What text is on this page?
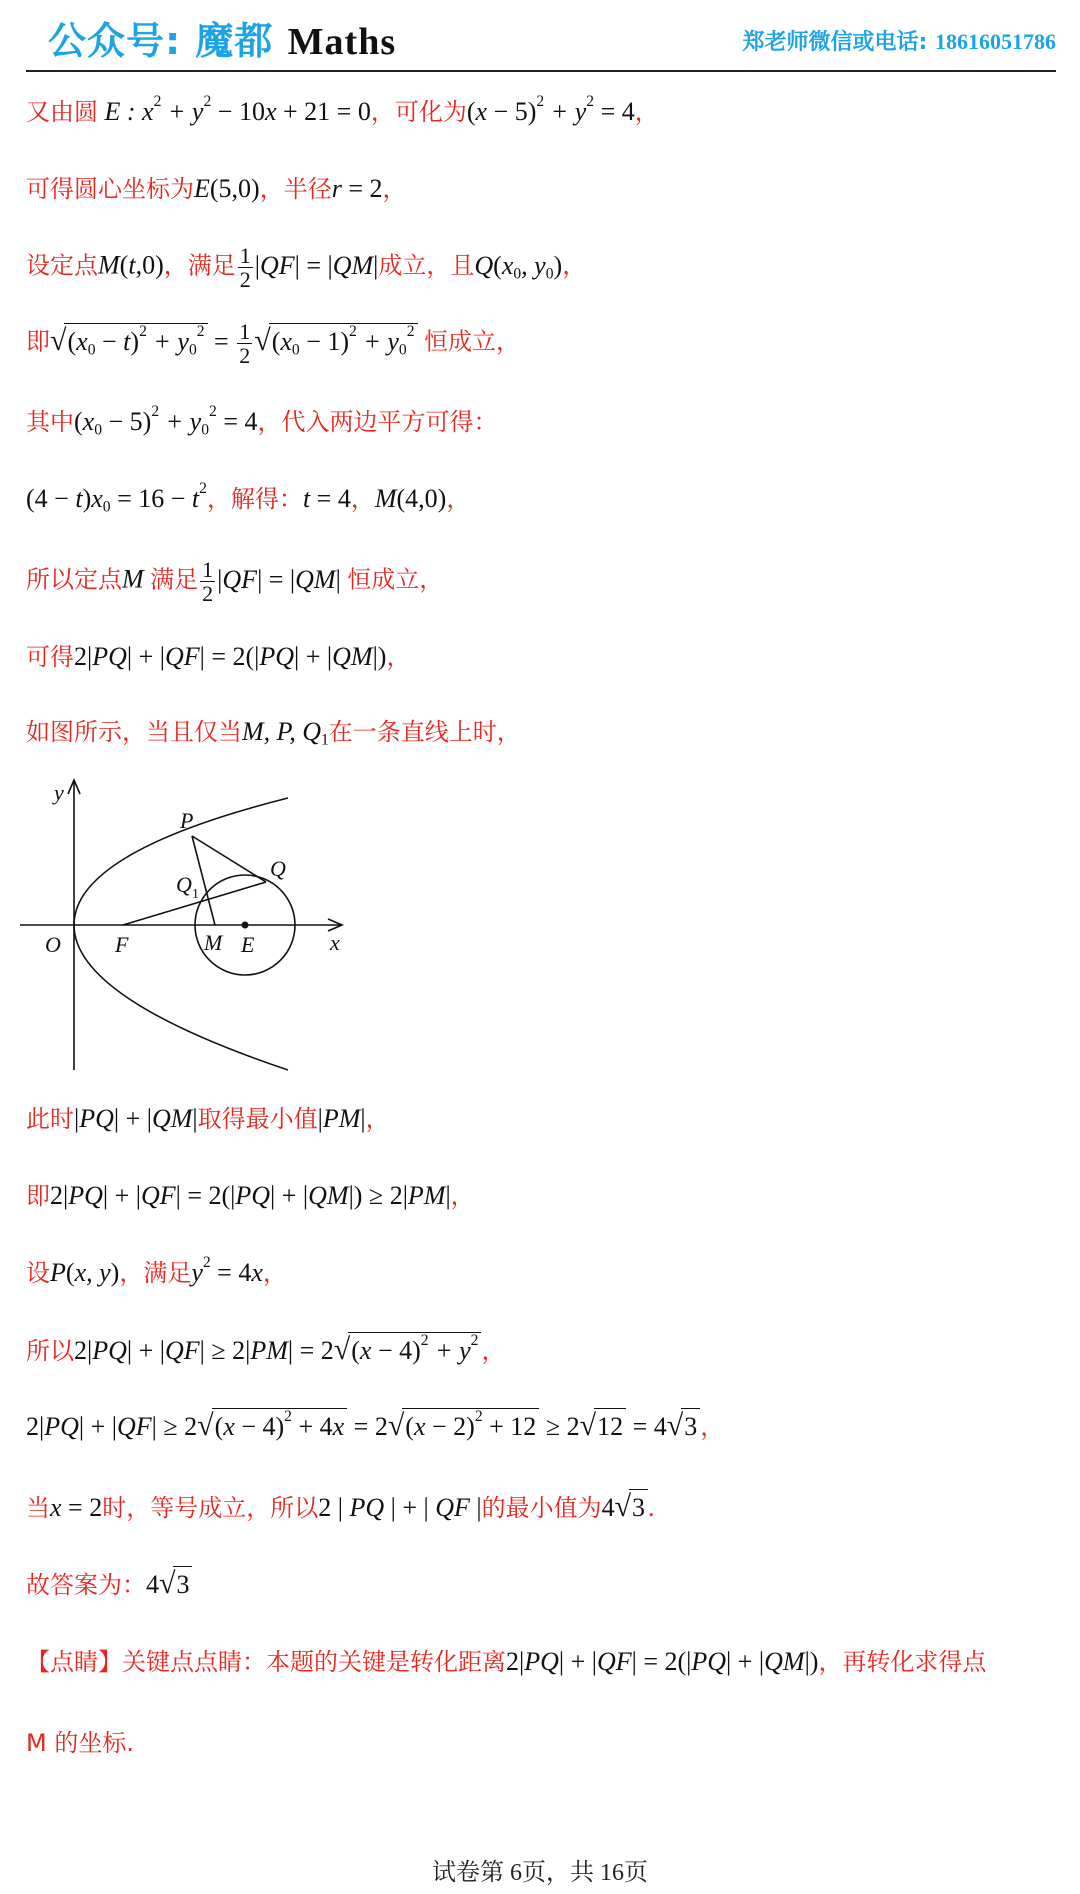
公众号: 魔都 Maths	郑老师微信或电话: 18616051786
又由圆 E : $x^2 + y^2 - 10x + 21 = 0$，可化为$(x - 5)^2 + y^2 = 4$，
可得圆心坐标为E(5,0)，半径r = 2，
设定点M(t,0)，满足 $\frac{1}{2} |QF| = |QM|$成立，且$Q(x_0$, $y_0$)，
即$√(x_0 - t)^2 + y_0^2 = \frac{1}{2} √(x_0 - 1)^2 + y_0^2$ 恒成立，
其中$(x_0 - 5)^2 + y_0^2 = 4$，代入两边平方可得：
$(4 - t)x_0 = 16 - t^2$，解得：t = 4，M(4,0)，
所以定点M 满足 $\frac{1}{2} |QF| = |QM|$ 恒成立，
可得2|PQ| + |QF| = 2(|PQ| + |QM|)，
如图所示，当且仅当M, P, $Q_1$在一条直线上时，
y
x
O F	M E
P
Q
Q 1
此时|PQ| + |QM|取得最小值|PM|，
即2|PQ| + |QF| = 2(|PQ| + |QM|) ≥ 2|PM|，
设P(x, y)，满足$y^2 = 4x$，
所以$2|PQ| + |QF| \ge 2|PM| = 2√(x - 4)^2 + y^2$ ，
$2|PQ| + |QF| \ge 2√(x - 4)^2 + 4x = 2√(x - 2)^2 + 12 \ge 2√12 = 4√3$ ，
当x = 2时，等号成立，所以2 | PQ | + | QF |的最小值为4√3 .
故答案为：4√3
【点睛】关键点点睛：本题的关键是转化距离2|PQ| + |QF| = 2(|PQ| + |QM|)，再转化求得点
M 的坐标.
试卷第 6页，共 16页
